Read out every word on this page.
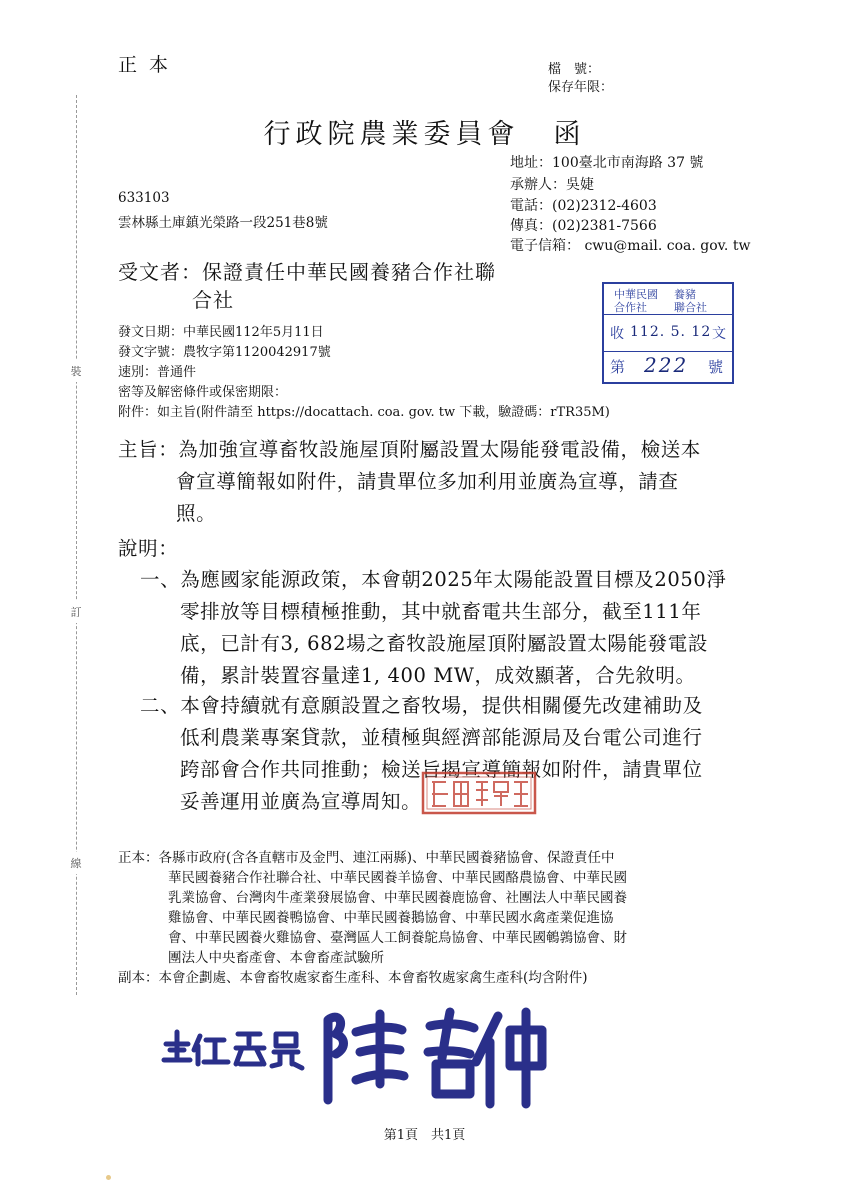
正本	檔　號：
保存年限：
行政院農業委員會 函
地址：100臺北市南海路 37 號
承辦人：吳婕
電話：(02)2312-4603
傳真：(02)2381-7566
電子信箱： cwu@mail. coa. gov. tw
633103
雲林縣土庫鎮光榮路一段251巷8號
受文者：保證責任中華民國養豬合作社聯
合社	中華民國
合作社
養豬
聯合社
收 112. 5. 12 文
第 222 號
發文日期：中華民國112年5月11日
發文字號：農牧字第1120042917號
速別：普通件
密等及解密條件或保密期限：
附件：如主旨(附件請至 https://docattach. coa. gov. tw 下載，驗證碼：rTR35M)
主旨：為加強宣導畜牧設施屋頂附屬設置太陽能發電設備，檢送本
會宣導簡報如附件，請貴單位多加利用並廣為宣導，請查
照。
說明：
一、為應國家能源政策，本會朝2025年太陽能設置目標及2050淨
零排放等目標積極推動，其中就畜電共生部分，截至111年
底，已計有3, 682場之畜牧設施屋頂附屬設置太陽能發電設
備，累計裝置容量達1, 400 MW，成效顯著，合先敘明。
二、本會持續就有意願設置之畜牧場，提供相關優先改建補助及
低利農業專案貸款，並積極與經濟部能源局及台電公司進行
跨部會合作共同推動；檢送旨揭宣導簡報如附件，請貴單位
妥善運用並廣為宣導周知。
正本：各縣市政府(含各直轄市及金門、連江兩縣)、中華民國養豬協會、保證責任中
華民國養豬合作社聯合社、中華民國養羊協會、中華民國酪農協會、中華民國
乳業協會、台灣肉牛產業發展協會、中華民國養鹿協會、社團法人中華民國養
雞協會、中華民國養鴨協會、中華民國養鵝協會、中華民國水禽產業促進協
會、中華民國養火雞協會、臺灣區人工飼養鴕鳥協會、中華民國鵪鶉協會、財
團法人中央畜產會、本會畜產試驗所
副本：本會企劃處、本會畜牧處家畜生產科、本會畜牧處家禽生產科(均含附件)
裝
訂
線
第1頁　共1頁
